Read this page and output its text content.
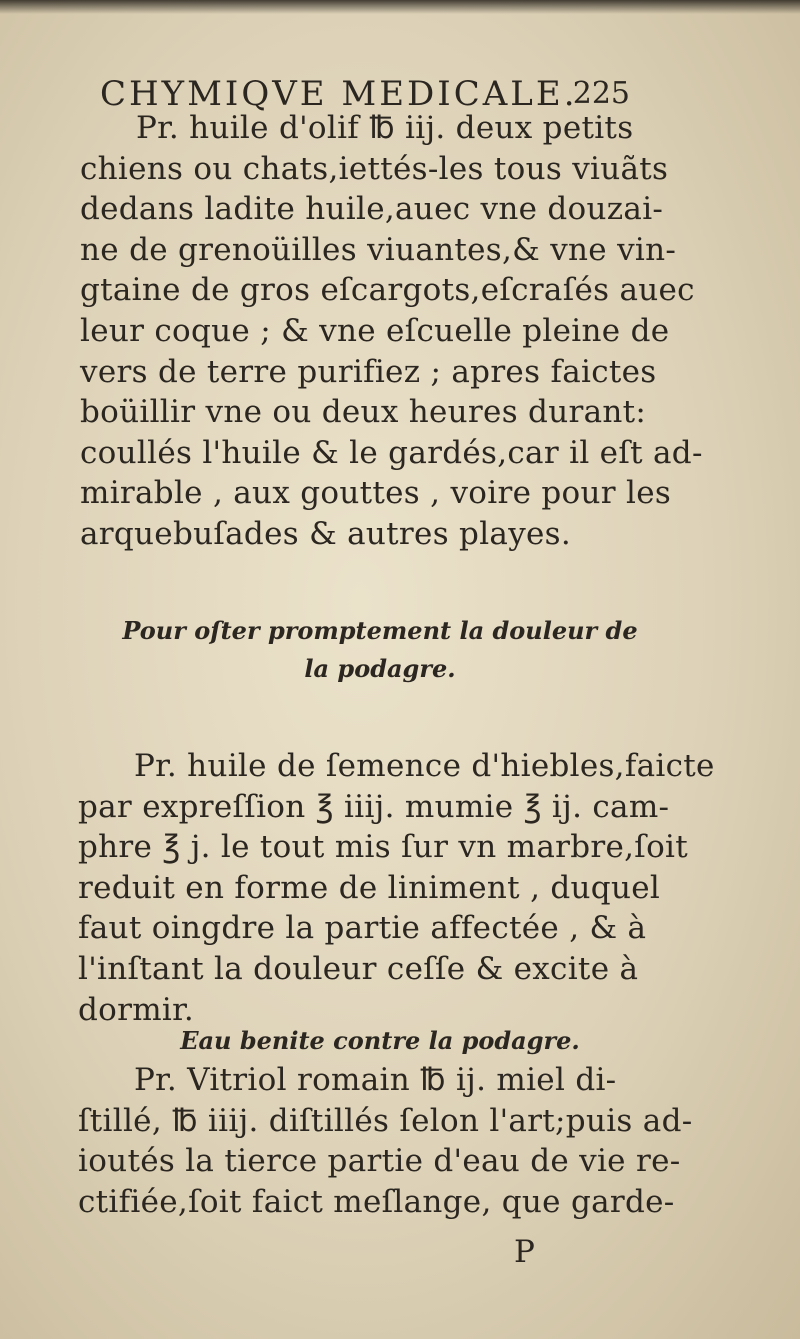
CHYMIQVE MEDICALE.
225
Pr. huile d'olif ℔ iij. deux petits
chiens ou chats,iettés-les tous viuãts
dedans ladite huile,auec vne douzai-
ne de grenoüilles viuantes,& vne vin-
gtaine de gros eſcargots,eſcraſés auec
leur coque ; & vne eſcuelle pleine de
vers de terre purifiez ; apres faictes
boüillir vne ou deux heures durant:
coullés l'huile & le gardés,car il eſt ad-
mirable , aux gouttes , voire pour les
arquebuſades & autres playes.
Pour oſter promptement la douleur de
la podagre.
Pr. huile de ſemence d'hiebles,faicte
par expreſſion ℥ iiij. mumie ℥ ij. cam-
phre ℥ j. le tout mis ſur vn marbre,ſoit
reduit en forme de liniment , duquel
faut oingdre la partie affectée , & à
l'inſtant la douleur ceſſe & excite à
dormir.
Eau benite contre la podagre.
Pr. Vitriol romain ℔ ij. miel di-
ſtillé, ℔ iiij. diſtillés ſelon l'art;puis ad-
ioutés la tierce partie d'eau de vie re-
ctifiée,ſoit faict meſlange, que garde-
P
